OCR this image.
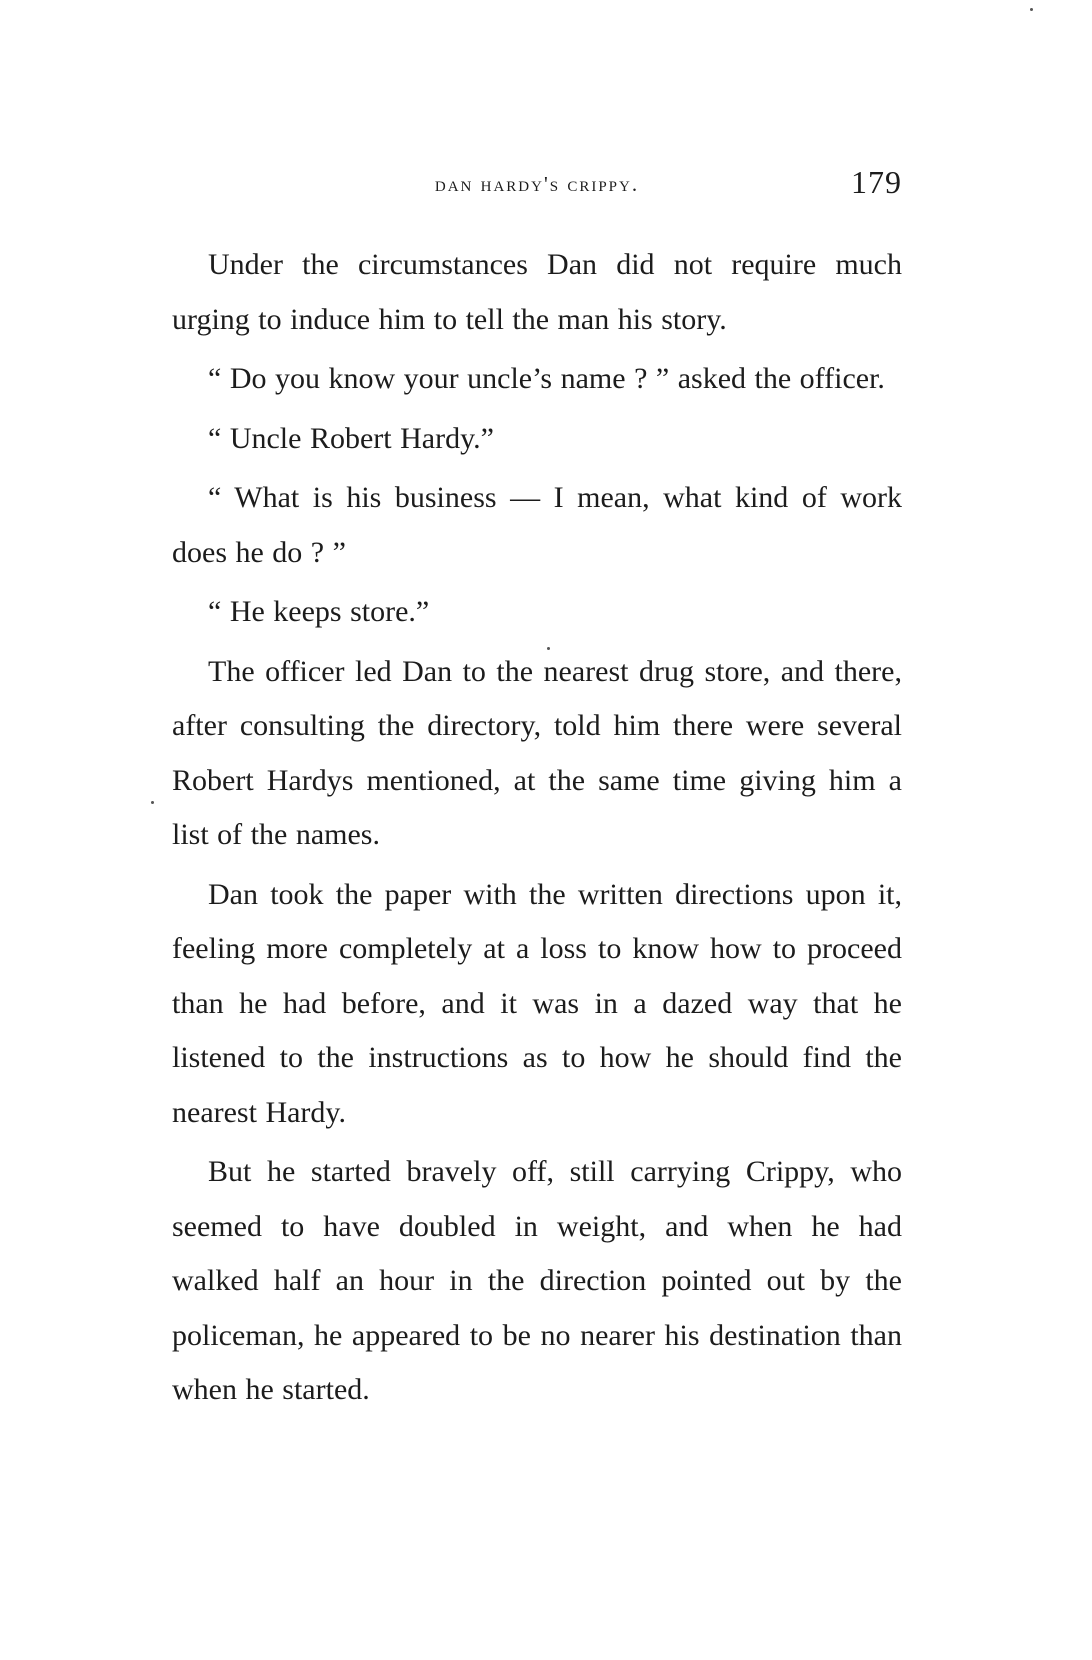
dan hardy's crippy.	179

Under the circumstances Dan did not require much urging to induce him to tell the man his story.

“ Do you know your uncle’s name ? ” asked the officer.

“ Uncle Robert Hardy.”

“ What is his business — I mean, what kind of work does he do ? ”

“ He keeps store.”

The officer led Dan to the nearest drug store, and there, after consulting the directory, told him there were several Robert Hardys mentioned, at the same time giving him a list of the names.

Dan took the paper with the written directions upon it, feeling more completely at a loss to know how to proceed than he had before, and it was in a dazed way that he listened to the instructions as to how he should find the nearest Hardy.

But he started bravely off, still carrying Crippy, who seemed to have doubled in weight, and when he had walked half an hour in the direction pointed out by the policeman, he appeared to be no nearer his destination than when he started.
